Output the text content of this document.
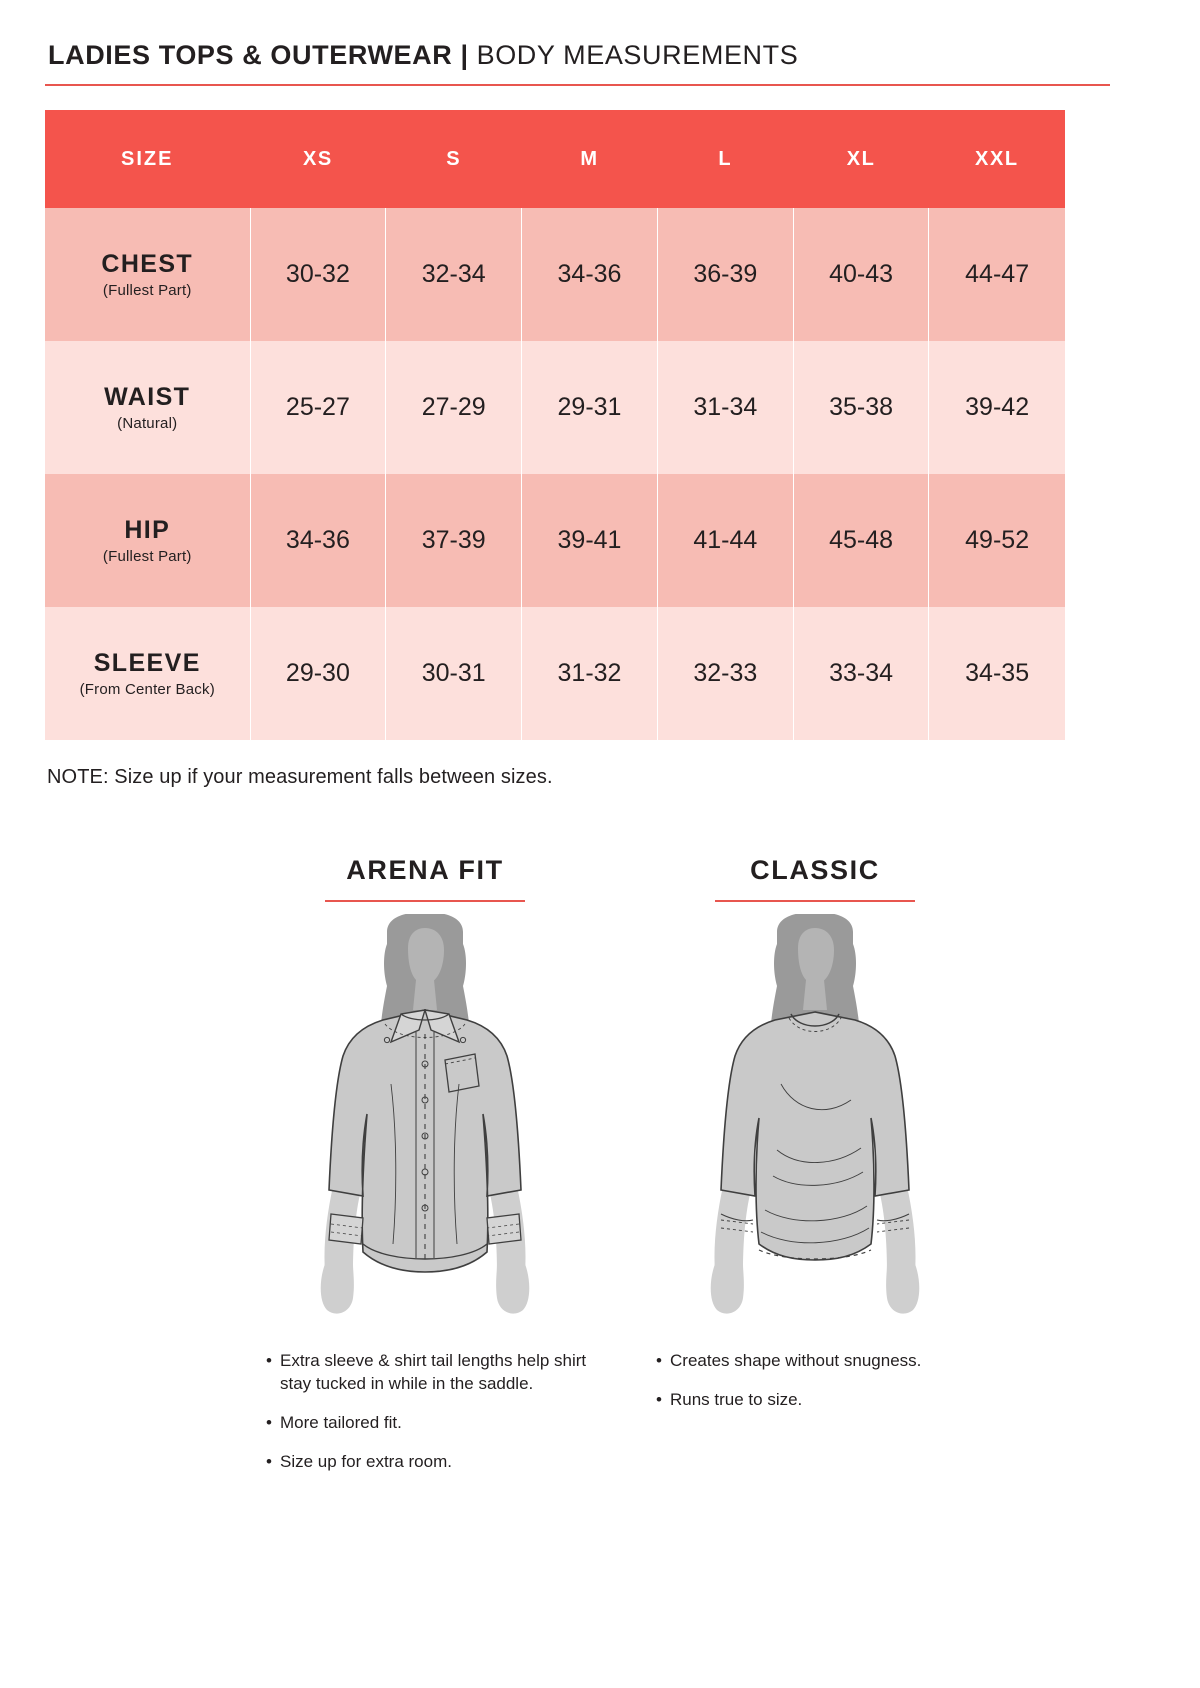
LADIES TOPS & OUTERWEAR | BODY MEASUREMENTS
SIZE	XS	S	M	L	XL	XXL

CHEST
(Fullest Part)	30-32	32-34	34-36	36-39	40-43	44-47

WAIST
(Natural)	25-27	27-29	29-31	31-34	35-38	39-42

HIP
(Fullest Part)	34-36	37-39	39-41	41-44	45-48	49-52

SLEEVE
(From Center Back)	29-30	30-31	31-32	32-33	33-34	34-35
NOTE: Size up if your measurement falls between sizes.
ARENA FIT
• Extra sleeve & shirt tail lengths help shirt stay tucked in while in the saddle.
• More tailored fit.
• Size up for extra room.
CLASSIC
• Creates shape without snugness.
• Runs true to size.
